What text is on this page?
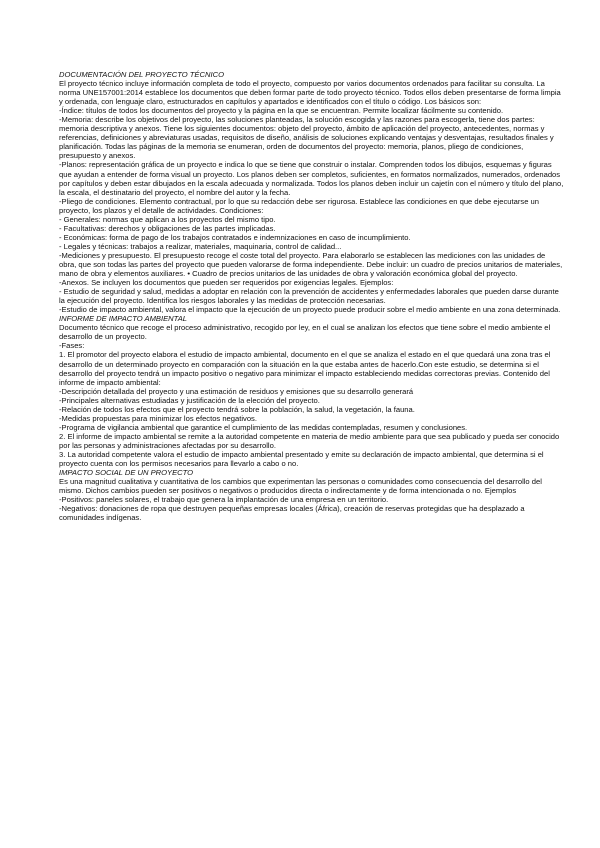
DOCUMENTACIÓN DEL PROYECTO TÉCNICO

El proyecto técnico incluye información completa de todo el proyecto, compuesto por varios documentos ordenados para facilitar su consulta. La norma UNE157001:2014 establece los documentos que deben formar parte de todo proyecto técnico. Todos ellos deben presentarse de forma limpia y ordenada, con lenguaje claro, estructurados en capítulos y apartados e identificados con el título o código. Los básicos son:

-Índice: títulos de todos los documentos del proyecto y la página en la que se encuentran. Permite localizar fácilmente su contenido.

-Memoria: describe los objetivos del proyecto, las soluciones planteadas, la solución escogida y las razones para escogerla, tiene dos partes: memoria descriptiva y anexos. Tiene los siguientes documentos: objeto del proyecto, ámbito de aplicación del proyecto, antecedentes, normas y referencias, definiciones y abreviaturas usadas, requisitos de diseño, análisis de soluciones explicando ventajas y desventajas, resultados finales y planificación. Todas las páginas de la memoria se enumeran, orden de documentos del proyecto: memoria, planos, pliego de condiciones, presupuesto y anexos.

-Planos: representación gráfica de un proyecto e indica lo que se tiene que construir o instalar. Comprenden todos los dibujos, esquemas y figuras que ayudan a entender de forma visual un proyecto. Los planos deben ser completos, suficientes, en formatos normalizados, numerados, ordenados por capítulos y deben estar dibujados en la escala adecuada y normalizada. Todos los planos deben incluir un cajetín con el número y título del plano, la escala, el destinatario del proyecto, el nombre del autor y la fecha.

-Pliego de condiciones. Elemento contractual, por lo que su redacción debe ser rigurosa. Establece las condiciones en que debe ejecutarse un proyecto, los plazos y el detalle de actividades. Condiciones:

- Generales: normas que aplican a los proyectos del mismo tipo.

- Facultativas: derechos y obligaciones de las partes implicadas.

- Económicas: forma de pago de los trabajos contratados e indemnizaciones en caso de incumplimiento.

- Legales y técnicas: trabajos a realizar, materiales, maquinaria, control de calidad...

-Mediciones y presupuesto. El presupuesto recoge el coste total del proyecto. Para elaborarlo se establecen las mediciones con las unidades de obra, que son todas las partes del proyecto que pueden valorarse de forma independiente. Debe incluir: un cuadro de precios unitarios de materiales, mano de obra y elementos auxiliares. • Cuadro de precios unitarios de las unidades de obra y valoración económica global del proyecto.

-Anexos. Se incluyen los documentos que pueden ser requeridos por exigencias legales. Ejemplos:

- Estudio de seguridad y salud, medidas a adoptar en relación con la prevención de accidentes y enfermedades laborales que pueden darse durante la ejecución del proyecto. Identifica los riesgos laborales y las medidas de protección necesarias.

-Estudio de impacto ambiental, valora el impacto que la ejecución de un proyecto puede producir sobre el medio ambiente en una zona determinada.

INFORME DE IMPACTO AMBIENTAL

Documento técnico que recoge el proceso administrativo, recogido por ley, en el cual se analizan los efectos que tiene sobre el medio ambiente el desarrollo de un proyecto.

-Fases:

1. El promotor del proyecto elabora el estudio de impacto ambiental, documento en el que se analiza el estado en el que quedará una zona tras el desarrollo de un determinado proyecto en comparación con la situación en la que estaba antes de hacerlo.Con este estudio, se determina si el desarrollo del proyecto tendrá un impacto positivo o negativo para minimizar el impacto estableciendo medidas correctoras previas. Contenido del informe de impacto ambiental:

-Descripción detallada del proyecto y una estimación de residuos y emisiones que su desarrollo generará

-Principales alternativas estudiadas y justificación de la elección del proyecto.

-Relación de todos los efectos que el proyecto tendrá sobre la población, la salud, la vegetación, la fauna.

-Medidas propuestas para minimizar los efectos negativos.

-Programa de vigilancia ambiental que garantice el cumplimiento de las medidas contempladas, resumen y conclusiones.

2. El informe de impacto ambiental se remite a la autoridad competente en materia de medio ambiente para que sea publicado y pueda ser conocido por las personas y administraciones afectadas por su desarrollo.

3. La autoridad competente valora el estudio de impacto ambiental presentado y emite su declaración de impacto ambiental, que determina si el proyecto cuenta con los permisos necesarios para llevarlo a cabo o no.

IMPACTO SOCIAL DE UN PROYECTO

Es una magnitud cualitativa y cuantitativa de los cambios que experimentan las personas o comunidades como consecuencia del desarrollo del mismo. Dichos cambios pueden ser positivos o negativos o producidos directa o indirectamente y de forma intencionada o no. Ejemplos

-Positivos: paneles solares, el trabajo que genera la implantación de una empresa en un territorio.

-Negativos: donaciones de ropa que destruyen pequeñas empresas locales (África), creación de reservas protegidas que ha desplazado a comunidades indígenas.
